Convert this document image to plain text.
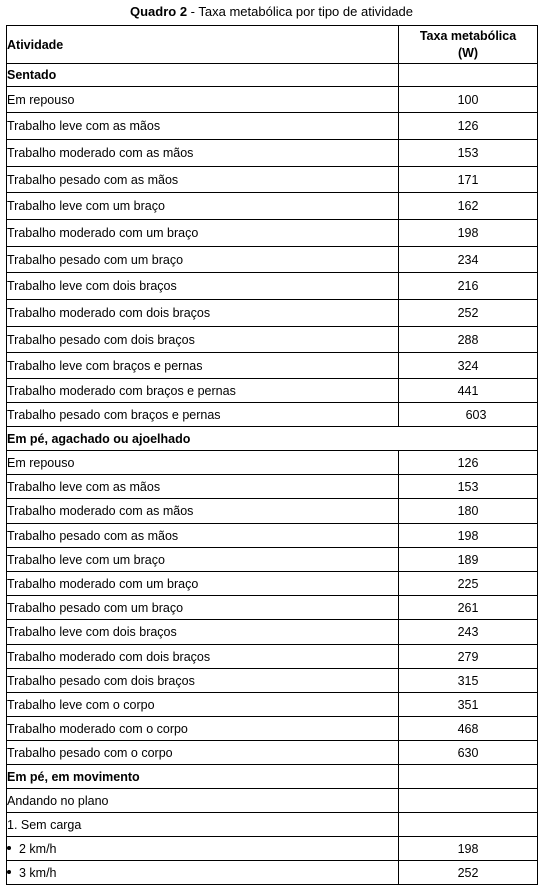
Quadro 2 - Taxa metabólica por tipo de atividade
Atividade	Taxa metabólica
(W)
Sentado	
Em repouso	100
Trabalho leve com as mãos	126
Trabalho moderado com as mãos	153
Trabalho pesado com as mãos	171
Trabalho leve com um braço	162
Trabalho moderado com um braço	198
Trabalho pesado com um braço	234
Trabalho leve com dois braços	216
Trabalho moderado com dois braços	252
Trabalho pesado com dois braços	288
Trabalho leve com braços e pernas	324
Trabalho moderado com braços e pernas	441
Trabalho pesado com braços e pernas	603
Em pé, agachado ou ajoelhado	
Em repouso	126
Trabalho leve com as mãos	153
Trabalho moderado com as mãos	180
Trabalho pesado com as mãos	198
Trabalho leve com um braço	189
Trabalho moderado com um braço	225
Trabalho pesado com um braço	261
Trabalho leve com dois braços	243
Trabalho moderado com dois braços	279
Trabalho pesado com dois braços	315
Trabalho leve com o corpo	351
Trabalho moderado com o corpo	468
Trabalho pesado com o corpo	630
Em pé, em movimento	
Andando no plano	
1. Sem carga	
2 km/h	198
3 km/h	252
